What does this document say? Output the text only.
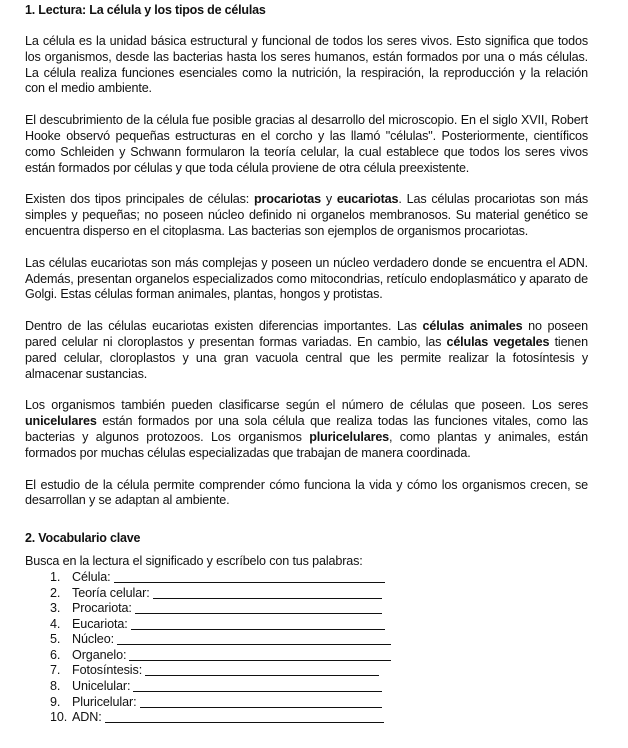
1. Lectura: La célula y los tipos de células

La célula es la unidad básica estructural y funcional de todos los seres vivos. Esto significa que todos los organismos, desde las bacterias hasta los seres humanos, están formados por una o más células. La célula realiza funciones esenciales como la nutrición, la respiración, la reproducción y la relación con el medio ambiente.

El descubrimiento de la célula fue posible gracias al desarrollo del microscopio. En el siglo XVII, Robert Hooke observó pequeñas estructuras en el corcho y las llamó "células". Posteriormente, científicos como Schleiden y Schwann formularon la teoría celular, la cual establece que todos los seres vivos están formados por células y que toda célula proviene de otra célula preexistente.

Existen dos tipos principales de células: procariotas y eucariotas. Las células procariotas son más simples y pequeñas; no poseen núcleo definido ni organelos membranosos. Su material genético se encuentra disperso en el citoplasma. Las bacterias son ejemplos de organismos procariotas.

Las células eucariotas son más complejas y poseen un núcleo verdadero donde se encuentra el ADN. Además, presentan organelos especializados como mitocondrias, retículo endoplasmático y aparato de Golgi. Estas células forman animales, plantas, hongos y protistas.

Dentro de las células eucariotas existen diferencias importantes. Las células animales no poseen pared celular ni cloroplastos y presentan formas variadas. En cambio, las células vegetales tienen pared celular, cloroplastos y una gran vacuola central que les permite realizar la fotosíntesis y almacenar sustancias.

Los organismos también pueden clasificarse según el número de células que poseen. Los seres unicelulares están formados por una sola célula que realiza todas las funciones vitales, como las bacterias y algunos protozoos. Los organismos pluricelulares, como plantas y animales, están formados por muchas células especializadas que trabajan de manera coordinada.

El estudio de la célula permite comprender cómo funciona la vida y cómo los organismos crecen, se desarrollan y se adaptan al ambiente.

2. Vocabulario clave
Busca en la lectura el significado y escríbelo con tus palabras:
1. Célula:
2. Teoría celular:
3. Procariota:
4. Eucariota:
5. Núcleo:
6. Organelo:
7. Fotosíntesis:
8. Unicelular:
9. Pluricelular:
10. ADN:
